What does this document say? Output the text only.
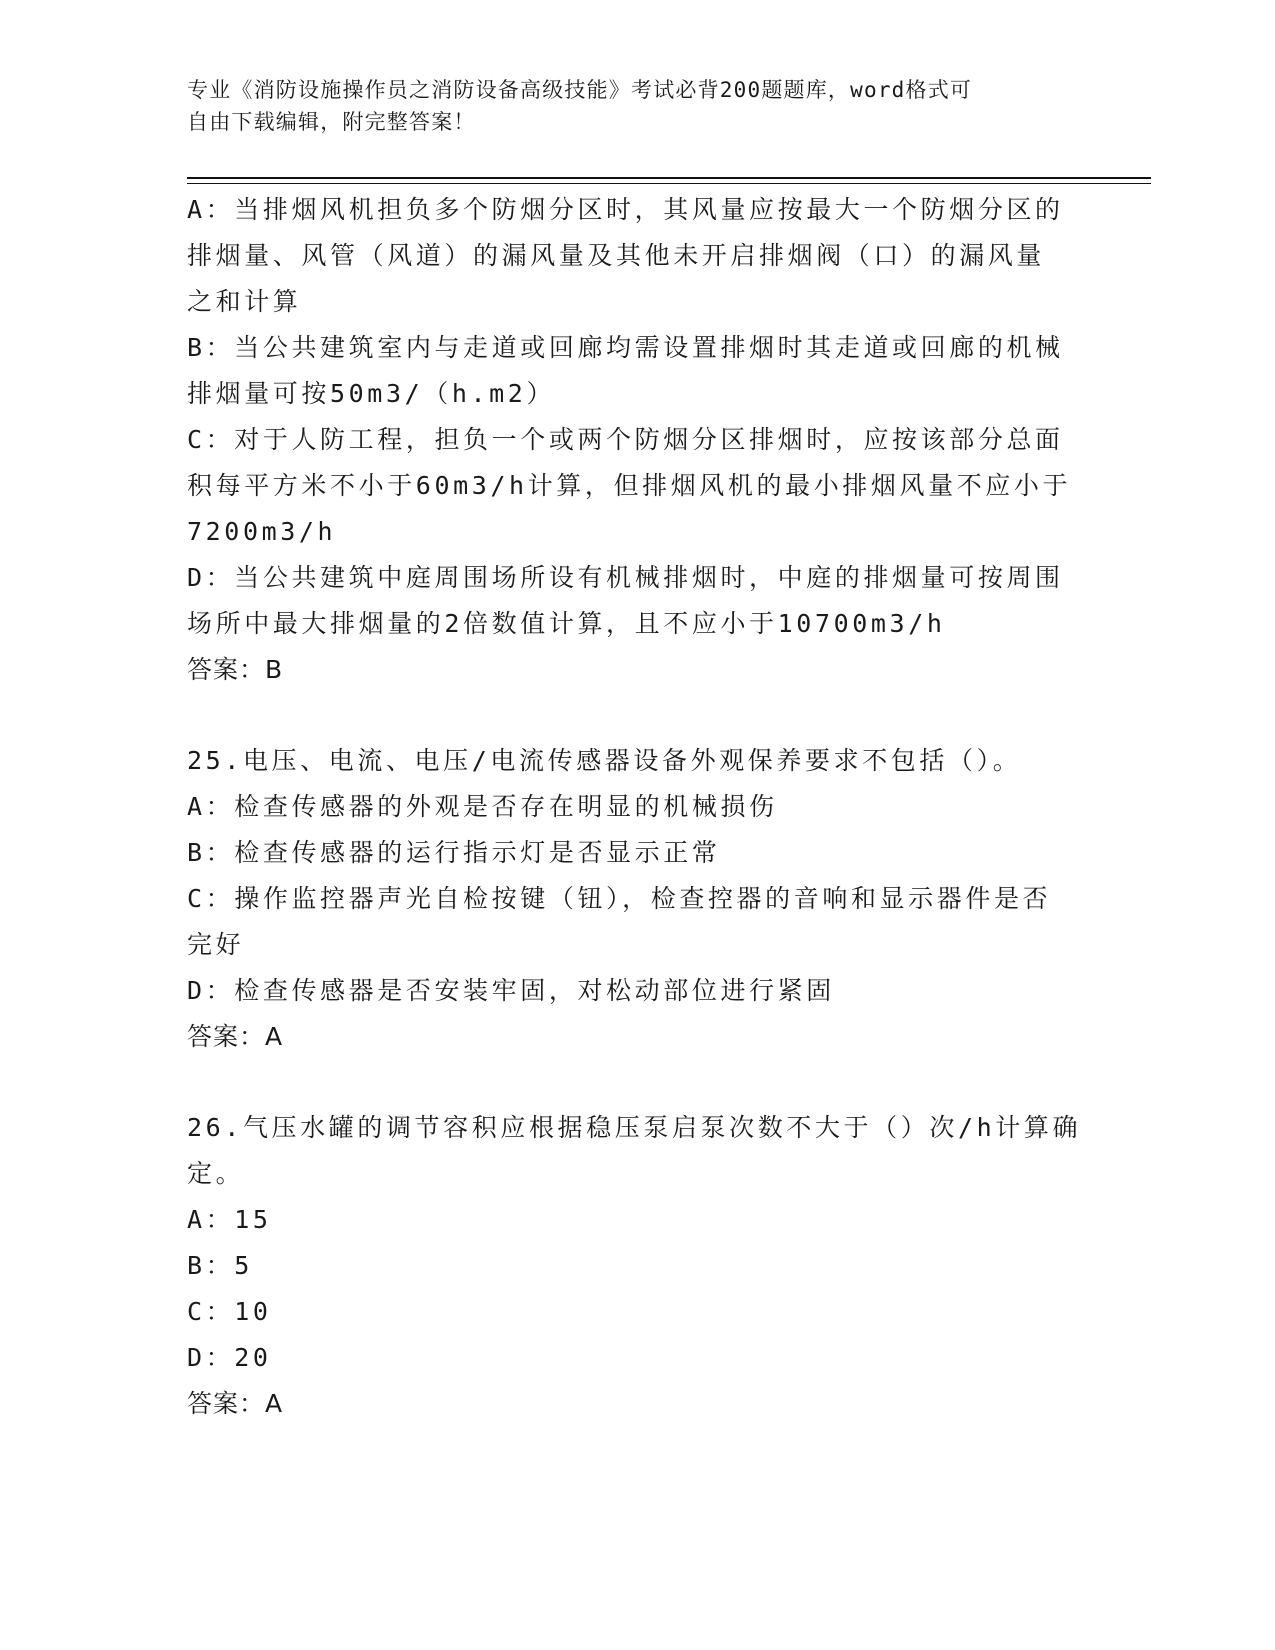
专业《消防设施操作员之消防设备高级技能》考试必背200题题库，word格式可
自由下载编辑，附完整答案！
A：当排烟风机担负多个防烟分区时，其风量应按最大一个防烟分区的
排烟量、风管（风道）的漏风量及其他未开启排烟阀（口）的漏风量
之和计算
B：当公共建筑室内与走道或回廊均需设置排烟时其走道或回廊的机械
排烟量可按50m3/（h.m2）
C：对于人防工程，担负一个或两个防烟分区排烟时，应按该部分总面
积每平方米不小于60m3/h计算，但排烟风机的最小排烟风量不应小于
7200m3/h
D：当公共建筑中庭周围场所设有机械排烟时，中庭的排烟量可按周围
场所中最大排烟量的2倍数值计算，且不应小于10700m3/h
答案：B
25.电压、电流、电压/电流传感器设备外观保养要求不包括（）。
A：检查传感器的外观是否存在明显的机械损伤
B：检查传感器的运行指示灯是否显示正常
C：操作监控器声光自检按键（钮），检查控器的音响和显示器件是否
完好
D：检查传感器是否安装牢固，对松动部位进行紧固
答案：A
26.气压水罐的调节容积应根据稳压泵启泵次数不大于（）次/h计算确
定。
A：15
B：5
C：10
D：20
答案：A
